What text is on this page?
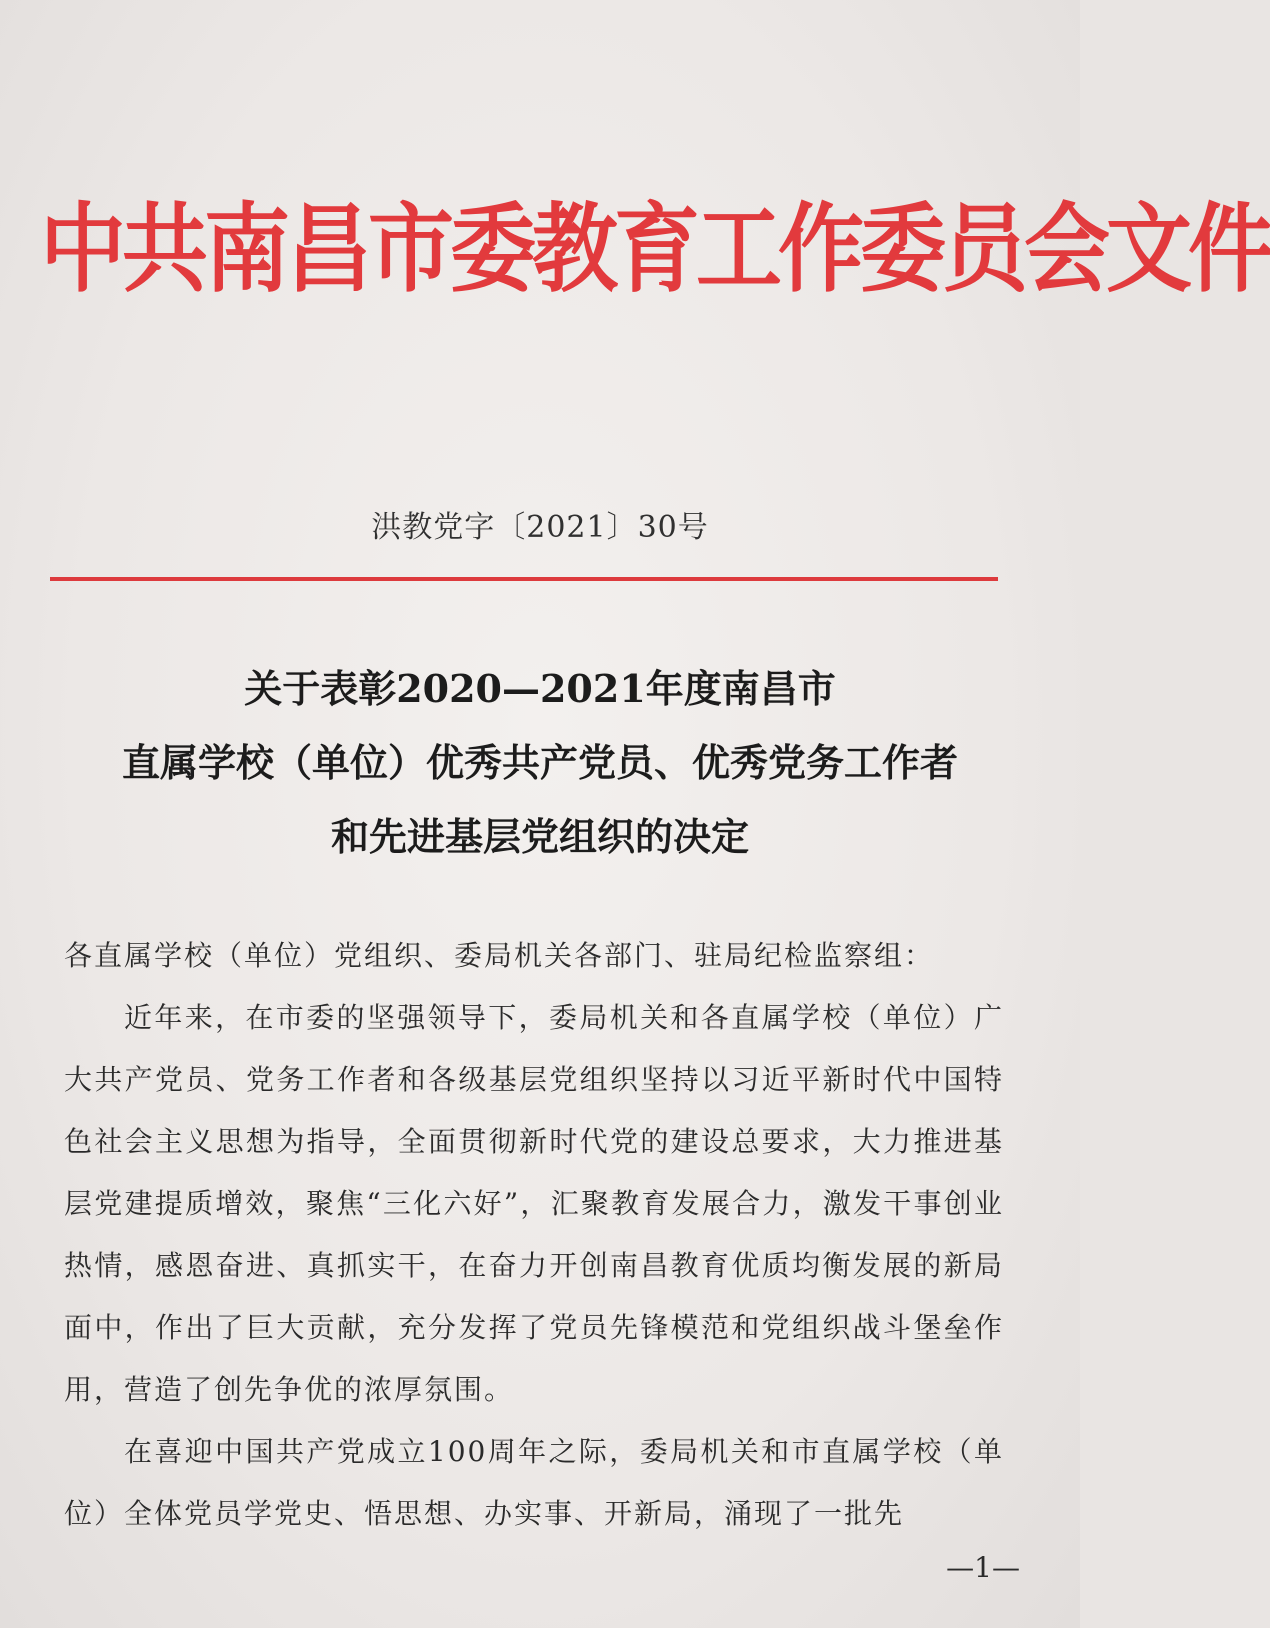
中共南昌市委教育工作委员会文件
洪教党字〔2021〕30号
关于表彰2020—2021年度南昌市
直属学校（单位）优秀共产党员、优秀党务工作者
和先进基层党组织的决定
各直属学校（单位）党组织、委局机关各部门、驻局纪检监察组：

近年来，在市委的坚强领导下，委局机关和各直属学校（单位）广大共产党员、党务工作者和各级基层党组织坚持以习近平新时代中国特色社会主义思想为指导，全面贯彻新时代党的建设总要求，大力推进基层党建提质增效，聚焦“三化六好”，汇聚教育发展合力，激发干事创业热情，感恩奋进、真抓实干，在奋力开创南昌教育优质均衡发展的新局面中，作出了巨大贡献，充分发挥了党员先锋模范和党组织战斗堡垒作用，营造了创先争优的浓厚氛围。

在喜迎中国共产党成立100周年之际，委局机关和市直属学校（单位）全体党员学党史、悟思想、办实事、开新局，涌现了一批先

—1—
